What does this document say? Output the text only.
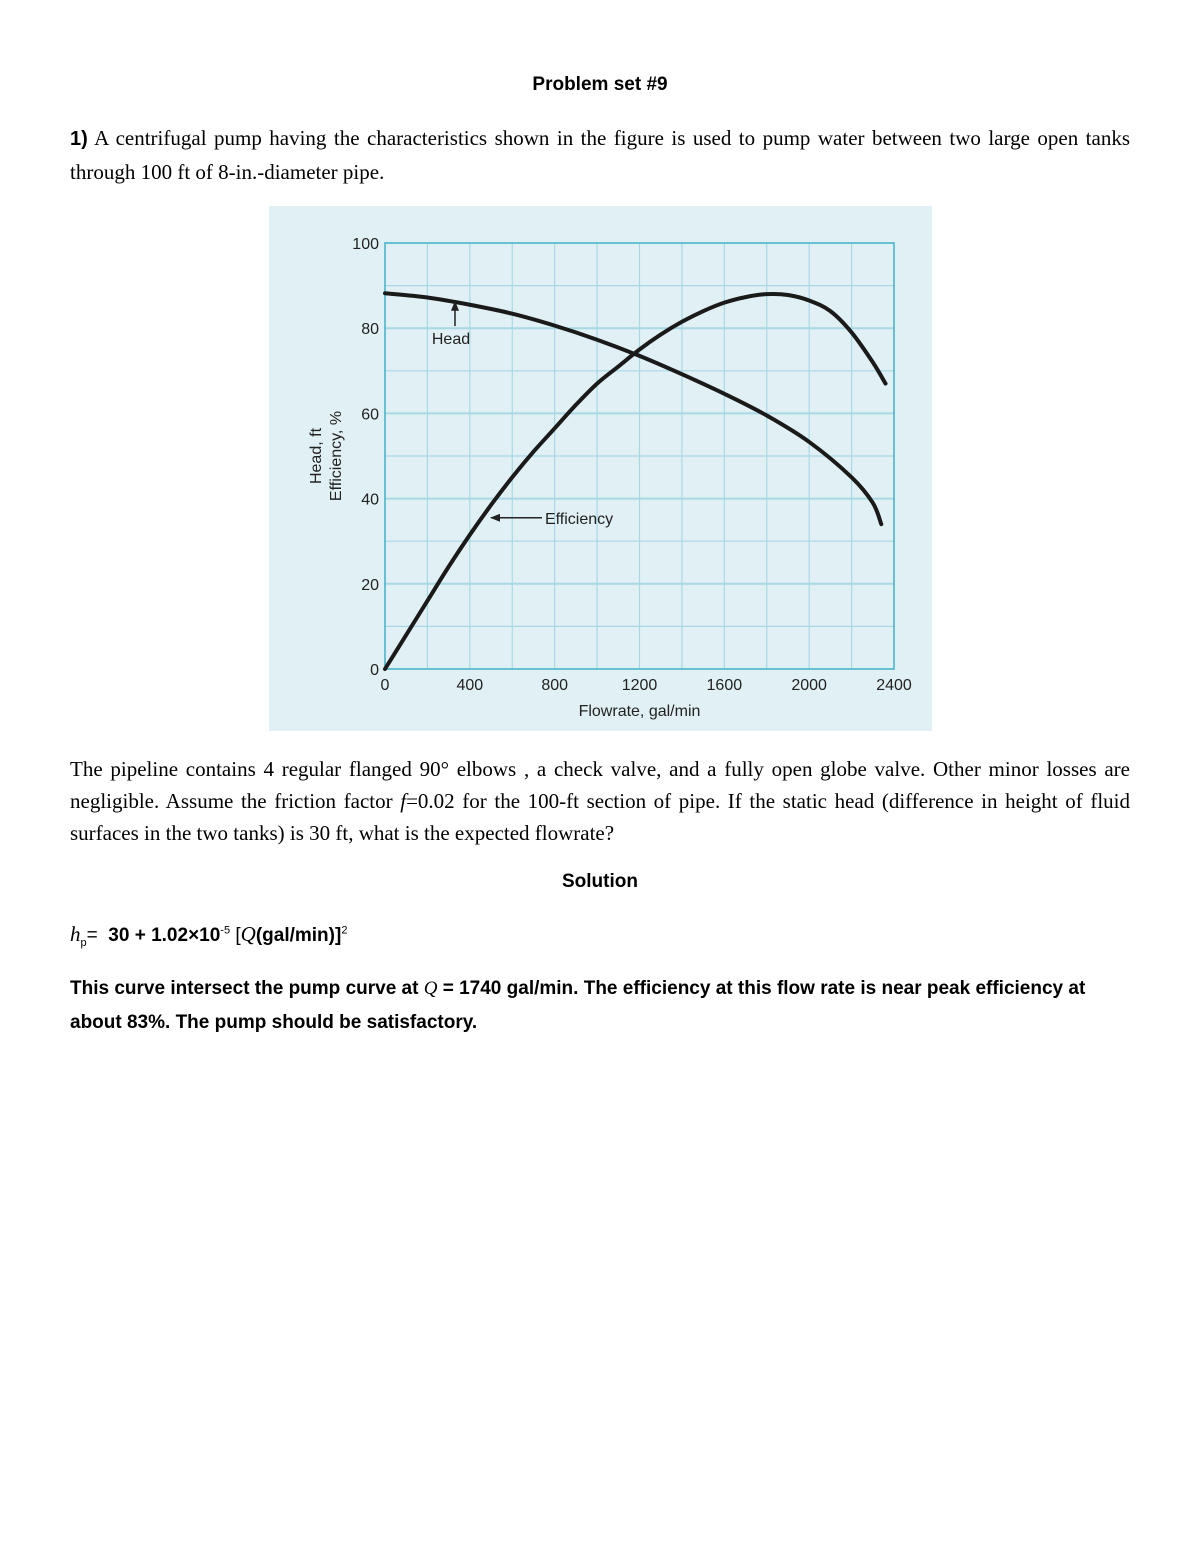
Problem set #9
1) A centrifugal pump having the characteristics shown in the figure is used to pump water between two large open tanks through 100 ft of 8-in.-diameter pipe.
0	400	800	1200	1600	2000	2400
0
20
40
60
80
100
Flowrate, gal/min
Head, ft Efficiency, %
Head
Efficiency
The pipeline contains 4 regular flanged 90° elbows , a check valve, and a fully open globe valve. Other minor losses are negligible. Assume the friction factor f=0.02 for the 100-ft section of pipe. If the static head (difference in height of fluid surfaces in the two tanks) is 30 ft, what is the expected flowrate?
Solution
$h_p= 30 + 1.02\times 10^{-5}$ $[Q(gal/\min)]^2$
This curve intersect the pump curve at Q = 1740 gal/min. The efficiency at this flow rate is near peak efficiency at about 83%. The pump should be satisfactory.
